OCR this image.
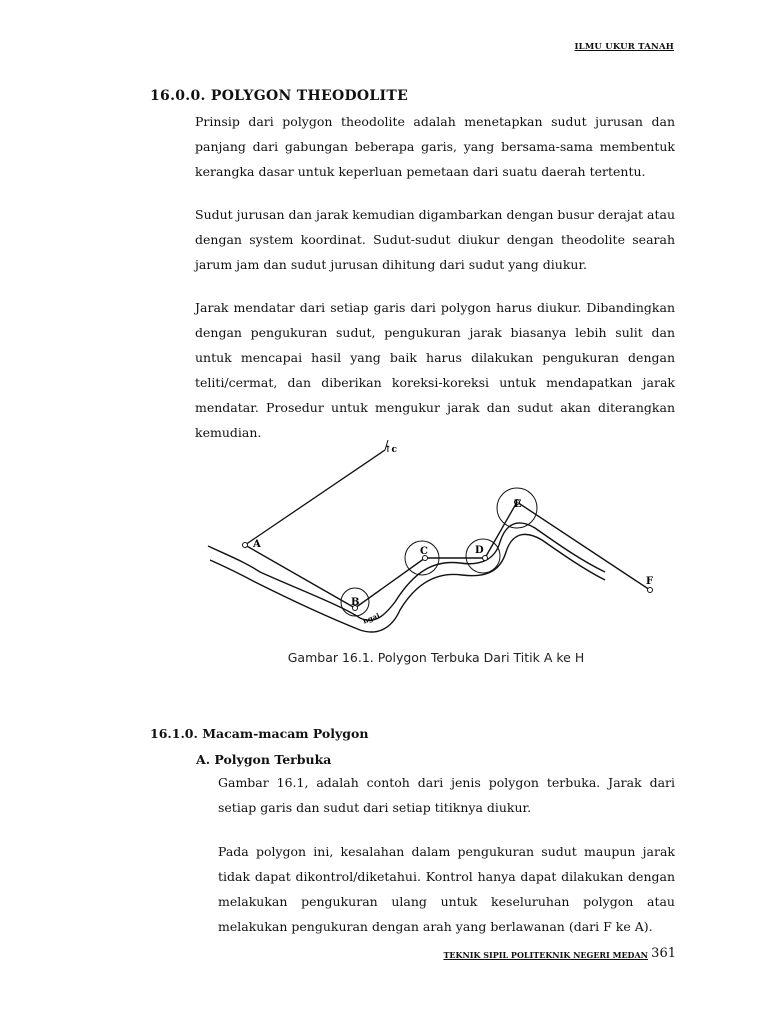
ILMU UKUR TANAH
16.0.0. POLYGON THEODOLITE

Prinsip dari polygon theodolite adalah menetapkan sudut jurusan dan panjang dari gabungan beberapa garis, yang bersama-sama membentuk kerangka dasar untuk keperluan pemetaan dari suatu daerah tertentu.

Sudut jurusan dan jarak kemudian digambarkan dengan busur derajat atau dengan system koordinat. Sudut-sudut diukur dengan theodolite searah jarum jam dan sudut jurusan dihitung dari sudut yang diukur.

Jarak mendatar dari setiap garis dari polygon harus diukur. Dibandingkan dengan pengukuran sudut, pengukuran jarak biasanya lebih sulit dan untuk mencapai hasil yang baik harus dilakukan pengukuran dengan teliti/cermat, dan diberikan koreksi-koreksi untuk mendapatkan jarak mendatar. Prosedur untuk mengukur jarak dan sudut akan diterangkan kemudian.

↑c
A
B
C	D
E
F
ngai
Gambar 16.1. Polygon Terbuka Dari Titik A ke H
16.1.0. Macam-macam Polygon
A. Polygon Terbuka

Gambar 16.1, adalah contoh dari jenis polygon terbuka. Jarak dari setiap garis dan sudut dari setiap titiknya diukur.

Pada polygon ini, kesalahan dalam pengukuran sudut maupun jarak tidak dapat dikontrol/diketahui. Kontrol hanya dapat dilakukan dengan melakukan pengukuran ulang untuk keseluruhan polygon atau melakukan pengukuran dengan arah yang berlawanan (dari F ke A).

TEKNIK SIPIL POLITEKNIK NEGERI MEDAN 361
